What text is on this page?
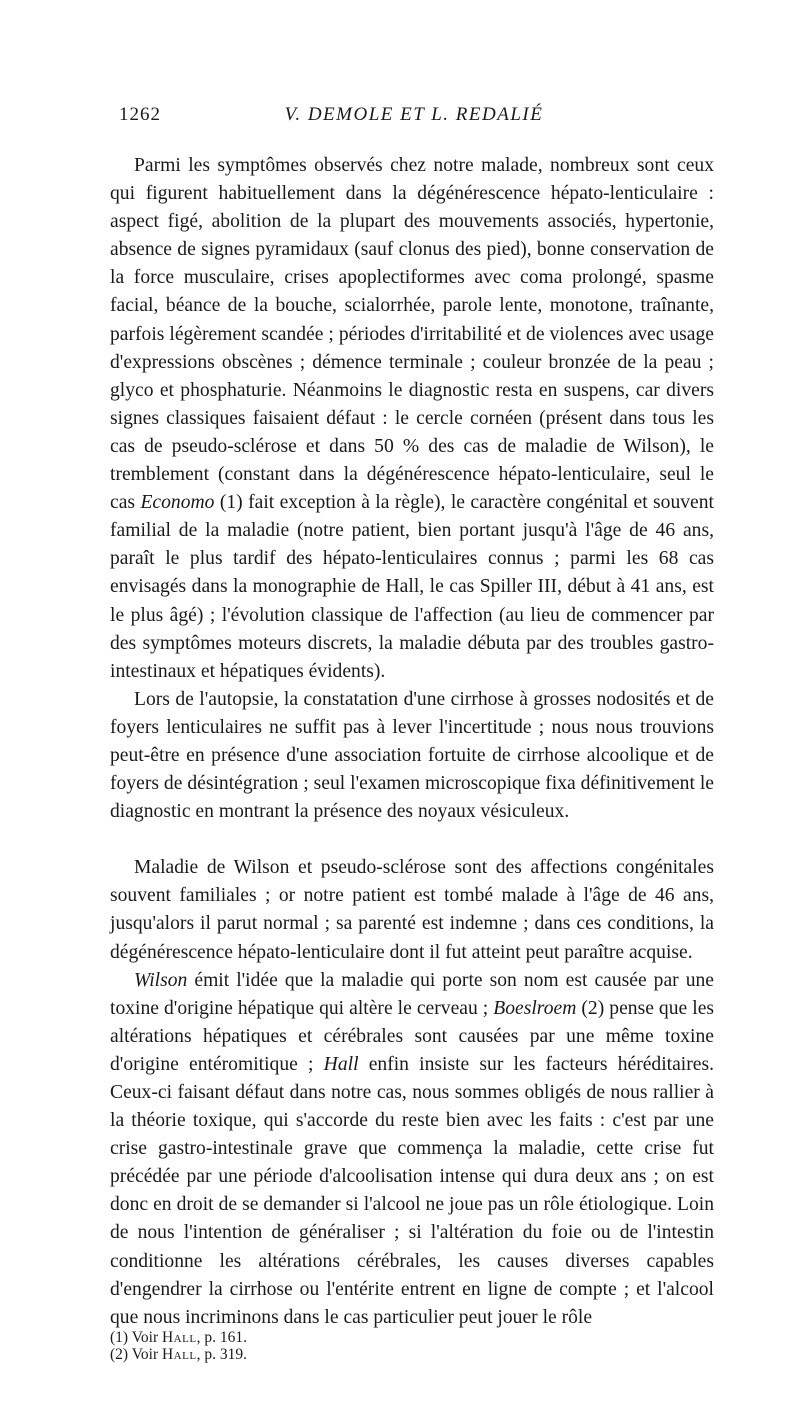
1262	V. DEMOLE ET L. REDALIÉ

Parmi les symptômes observés chez notre malade, nombreux sont ceux qui figurent habituellement dans la dégénérescence hépato-lenticulaire : aspect figé, abolition de la plupart des mouvements associés, hypertonie, absence de signes pyramidaux (sauf clonus des pied), bonne conservation de la force musculaire, crises apoplectiformes avec coma prolongé, spasme facial, béance de la bouche, scialorrhée, parole lente, monotone, traînante, parfois légèrement scandée ; périodes d'irritabilité et de violences avec usage d'expressions obscènes ; démence terminale ; couleur bronzée de la peau ; glyco et phosphaturie. Néanmoins le diagnostic resta en suspens, car divers signes classiques faisaient défaut : le cercle cornéen (présent dans tous les cas de pseudo-sclérose et dans 50 % des cas de maladie de Wilson), le tremblement (constant dans la dégénérescence hépato-lenticulaire, seul le cas Economo (1) fait exception à la règle), le caractère congénital et souvent familial de la maladie (notre patient, bien portant jusqu'à l'âge de 46 ans, paraît le plus tardif des hépato-lenticulaires connus ; parmi les 68 cas envisagés dans la monographie de Hall, le cas Spiller III, début à 41 ans, est le plus âgé) ; l'évolution classique de l'affection (au lieu de commencer par des symptômes moteurs discrets, la maladie débuta par des troubles gastro-intestinaux et hépatiques évidents).

Lors de l'autopsie, la constatation d'une cirrhose à grosses nodosités et de foyers lenticulaires ne suffit pas à lever l'incertitude ; nous nous trouvions peut-être en présence d'une association fortuite de cirrhose alcoolique et de foyers de désintégration ; seul l'examen microscopique fixa définitivement le diagnostic en montrant la présence des noyaux vésiculeux.

Maladie de Wilson et pseudo-sclérose sont des affections congénitales souvent familiales ; or notre patient est tombé malade à l'âge de 46 ans, jusqu'alors il parut normal ; sa parenté est indemne ; dans ces conditions, la dégénérescence hépato-lenticulaire dont il fut atteint peut paraître acquise.

Wilson émit l'idée que la maladie qui porte son nom est causée par une toxine d'origine hépatique qui altère le cerveau ; Boeslroem (2) pense que les altérations hépatiques et cérébrales sont causées par une même toxine d'origine entéromitique ; Hall enfin insiste sur les facteurs héréditaires. Ceux-ci faisant défaut dans notre cas, nous sommes obligés de nous rallier à la théorie toxique, qui s'accorde du reste bien avec les faits : c'est par une crise gastro-intestinale grave que commença la maladie, cette crise fut précédée par une période d'alcoolisation intense qui dura deux ans ; on est donc en droit de se demander si l'alcool ne joue pas un rôle étiologique. Loin de nous l'intention de généraliser ; si l'altération du foie ou de l'intestin conditionne les altérations cérébrales, les causes diverses capables d'engendrer la cirrhose ou l'entérite entrent en ligne de compte ; et l'alcool que nous incriminons dans le cas particulier peut jouer le rôle

(1) Voir Hall, p. 161.
(2) Voir Hall, p. 319.
